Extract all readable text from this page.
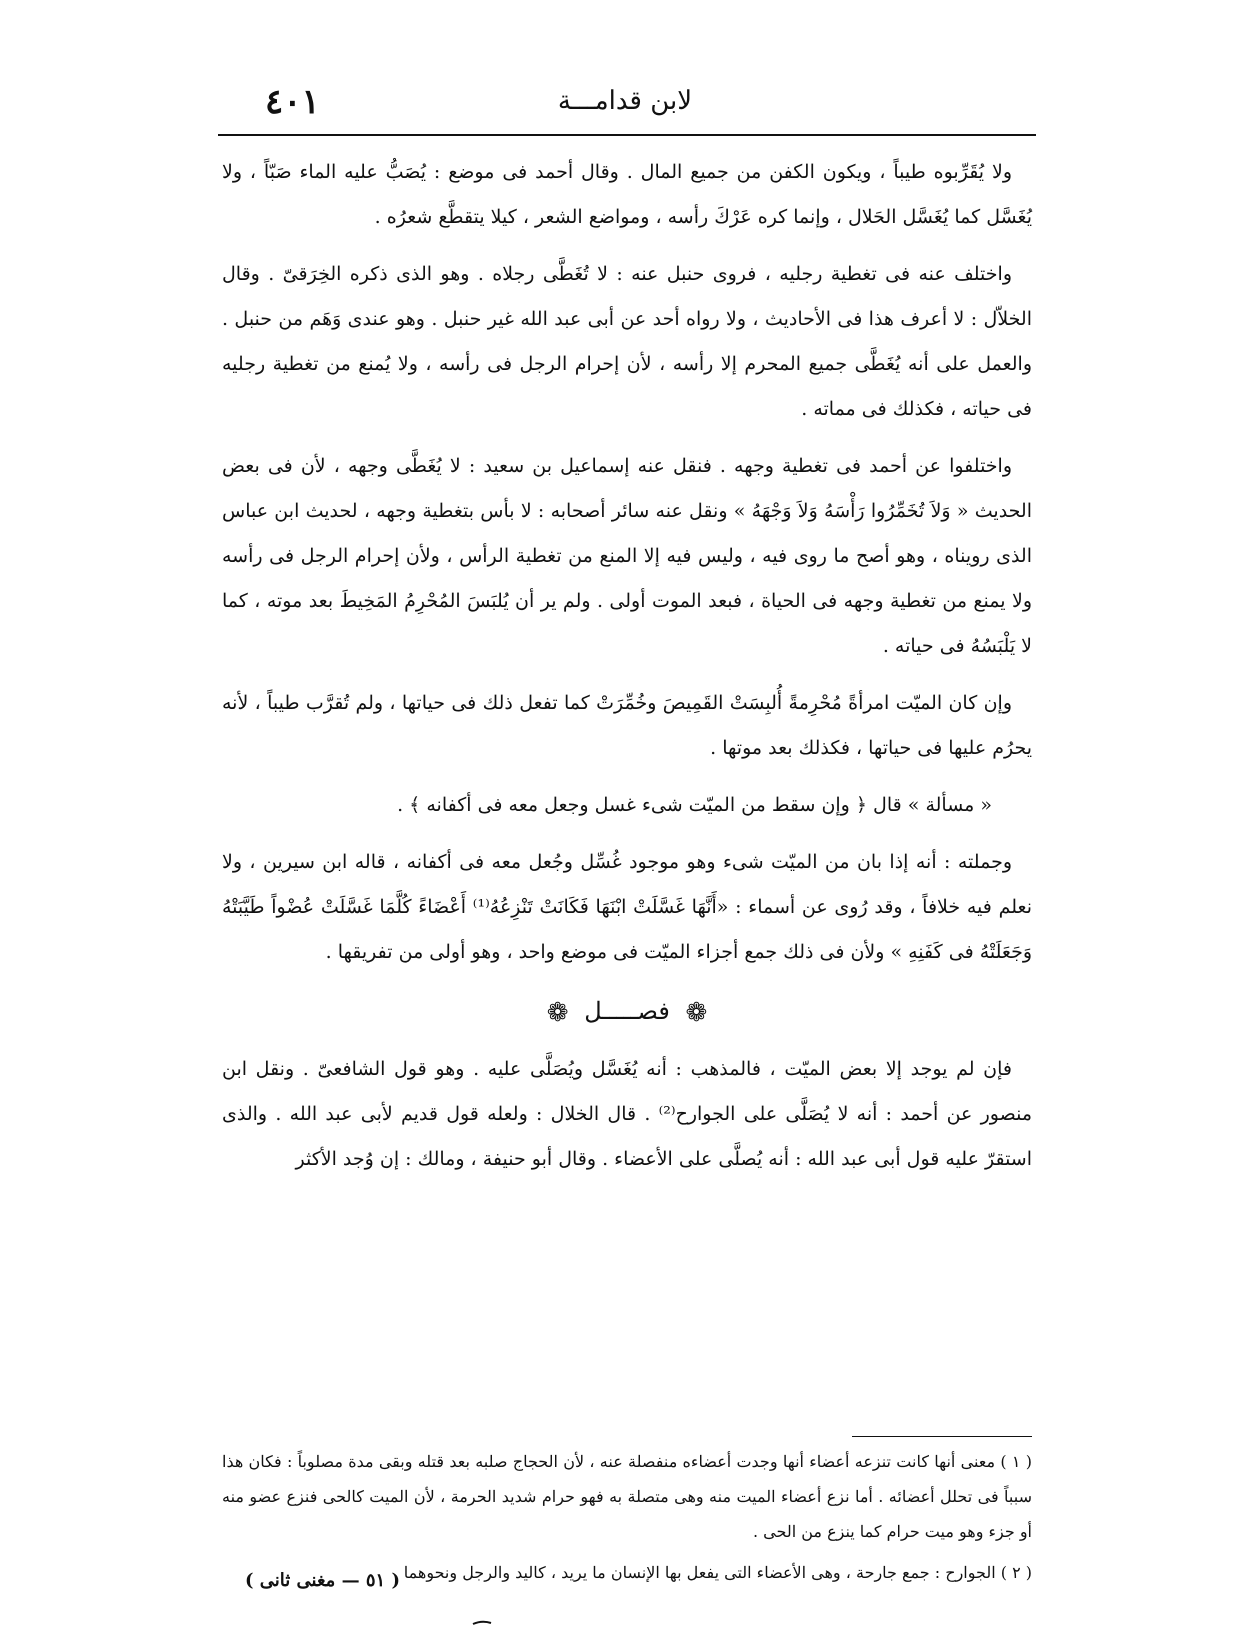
٤٠١	لابن قدامـــة

ولا يُقَرِّبوه طيباً ، ويكون الكفن من جميع المال . وقال أحمد فى موضع : يُصَبُّ عليه الماء صَبّاً ، ولا يُغَسَّل كما يُغَسَّل الحَلال ، وإنما كره عَرْكَ رأسه ، ومواضع الشعر ، كيلا يتقطَّع شعرُه .

واختلف عنه فى تغطية رجليه ، فروى حنبل عنه : لا تُغَطَّى رجلاه . وهو الذى ذكره الخِرَقىّ . وقال الخلاّل : لا أعرف هذا فى الأحاديث ، ولا رواه أحد عن أبى عبد الله غير حنبل . وهو عندى وَهَم من حنبل . والعمل على أنه يُغَطَّى جميع المحرم إلا رأسه ، لأن إحرام الرجل فى رأسه ، ولا يُمنع من تغطية رجليه فى حياته ، فكذلك فى مماته .

واختلفوا عن أحمد فى تغطية وجهه . فنقل عنه إسماعيل بن سعيد : لا يُغَطَّى وجهه ، لأن فى بعض الحديث « وَلاَ تُخَمِّرُوا رَأْسَهُ وَلاَ وَجْهَهُ » ونقل عنه سائر أصحابه : لا بأس بتغطية وجهه ، لحديث ابن عباس الذى رويناه ، وهو أصح ما روى فيه ، وليس فيه إلا المنع من تغطية الرأس ، ولأن إحرام الرجل فى رأسه ولا يمنع من تغطية وجهه فى الحياة ، فبعد الموت أولى . ولم ير أن يُلبَسَ المُحْرِمُ المَخِيطَ بعد موته ، كما لا يَلْبَسُهُ فى حياته .

وإن كان الميّت امرأةً مُحْرِمةً أُلبِسَتْ القَمِيصَ وخُمِّرَتْ كما تفعل ذلك فى حياتها ، ولم تُقرَّب طيباً ، لأنه يحرُم عليها فى حياتها ، فكذلك بعد موتها .

« مسألة » قال ﴿ وإن سقط من الميّت شىء غسل وجعل معه فى أكفانه ﴾ .

وجملته : أنه إذا بان من الميّت شىء وهو موجود غُسِّل وجُعل معه فى أكفانه ، قاله ابن سيرين ، ولا نعلم فيه خلافاً ، وقد رُوى عن أسماء : «أَنَّهَا غَسَّلَتْ ابْنَهَا فَكَانَتْ تَنْزِعُهُ⁽¹⁾ أَعْضَاءً كُلَّمَا غَسَّلَتْ عُضْواً طَيَّبَتْهُ وَجَعَلَتْهُ فى كَفَنِهِ » ولأن فى ذلك جمع أجزاء الميّت فى موضع واحد ، وهو أولى من تفريقها .

❁ فصـــــل ❁

فإن لم يوجد إلا بعض الميّت ، فالمذهب : أنه يُغَسَّل ويُصَلَّى عليه . وهو قول الشافعىّ . ونقل ابن منصور عن أحمد : أنه لا يُصَلَّى على الجوارح⁽²⁾ . قال الخلال : ولعله قول قديم لأبى عبد الله . والذى استقرّ عليه قول أبى عبد الله : أنه يُصلَّى على الأعضاء . وقال أبو حنيفة ، ومالك : إن وُجد الأكثر

( ١ ) معنى أنها كانت تنزعه أعضاء أنها وجدت أعضاءه منفصلة عنه ، لأن الحجاج صلبه بعد قتله وبقى مدة مصلوباً : فكان هذا سبباً فى تحلل أعضائه . أما نزع أعضاء الميت منه وهى متصلة به فهو حرام شديد الحرمة ، لأن الميت كالحى فنزع عضو منه أو جزء وهو ميت حرام كما ينزع من الحى .

( ٢ ) الجوارح : جمع جارحة ، وهى الأعضاء التى يفعل بها الإنسان ما يريد ، كاليد والرجل ونحوهما .

( ٥١ — مغنى ثانى )
